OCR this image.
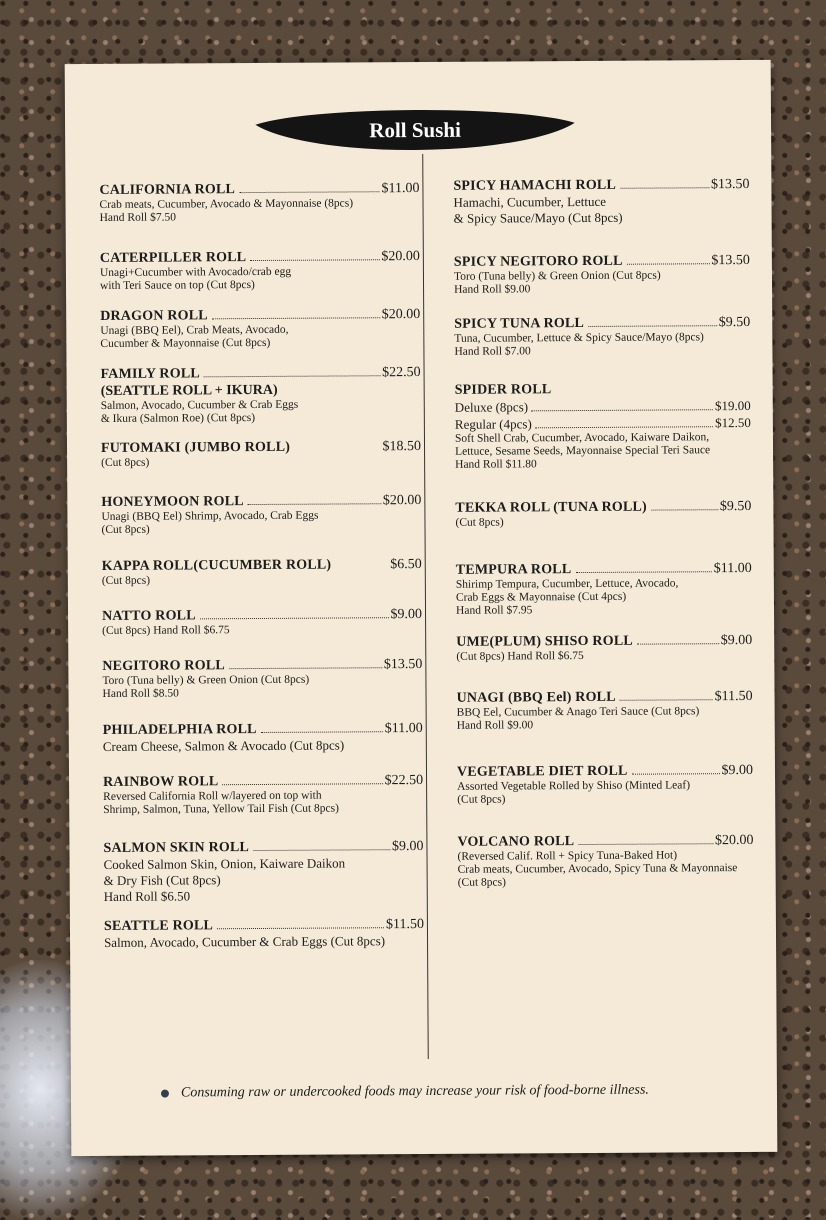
Roll Sushi
CALIFORNIA ROLL	$11.00
Crab meats, Cucumber, Avocado & Mayonnaise (8pcs)
Hand Roll $7.50
CATERPILLER ROLL	$20.00
Unagi+Cucumber with Avocado/crab egg
with Teri Sauce on top (Cut 8pcs)
DRAGON ROLL	$20.00
Unagi (BBQ Eel), Crab Meats, Avocado,
Cucumber & Mayonnaise (Cut 8pcs)
FAMILY ROLL	$22.50
(SEATTLE ROLL + IKURA)
Salmon, Avocado, Cucumber & Crab Eggs
& Ikura (Salmon Roe) (Cut 8pcs)
FUTOMAKI (JUMBO ROLL)	$18.50
(Cut 8pcs)
HONEYMOON ROLL	$20.00
Unagi (BBQ Eel) Shrimp, Avocado, Crab Eggs
(Cut 8pcs)
KAPPA ROLL(CUCUMBER ROLL)	$6.50
(Cut 8pcs)
NATTO ROLL	$9.00
(Cut 8pcs) Hand Roll $6.75
NEGITORO ROLL	$13.50
Toro (Tuna belly) & Green Onion (Cut 8pcs)
Hand Roll $8.50
PHILADELPHIA ROLL	$11.00
Cream Cheese, Salmon & Avocado (Cut 8pcs)
RAINBOW ROLL	$22.50
Reversed California Roll w/layered on top with
Shrimp, Salmon, Tuna, Yellow Tail Fish (Cut 8pcs)
SALMON SKIN ROLL	$9.00
Cooked Salmon Skin, Onion, Kaiware Daikon
& Dry Fish (Cut 8pcs)
Hand Roll $6.50
SEATTLE ROLL	$11.50
Salmon, Avocado, Cucumber & Crab Eggs (Cut 8pcs)
SPICY HAMACHI ROLL	$13.50
Hamachi, Cucumber, Lettuce
& Spicy Sauce/Mayo (Cut 8pcs)
SPICY NEGITORO ROLL	$13.50
Toro (Tuna belly) & Green Onion (Cut 8pcs)
Hand Roll $9.00
SPICY TUNA ROLL	$9.50
Tuna, Cucumber, Lettuce & Spicy Sauce/Mayo (8pcs)
Hand Roll $7.00
SPIDER ROLL
Deluxe (8pcs)	$19.00
Regular (4pcs)	$12.50
Soft Shell Crab, Cucumber, Avocado, Kaiware Daikon,
Lettuce, Sesame Seeds, Mayonnaise Special Teri Sauce
Hand Roll $11.80
TEKKA ROLL (TUNA ROLL)	$9.50
(Cut 8pcs)
TEMPURA ROLL	$11.00
Shirimp Tempura, Cucumber, Lettuce, Avocado,
Crab Eggs & Mayonnaise (Cut 4pcs)
Hand Roll $7.95
UME(PLUM) SHISO ROLL	$9.00
(Cut 8pcs) Hand Roll $6.75
UNAGI (BBQ Eel) ROLL	$11.50
BBQ Eel, Cucumber & Anago Teri Sauce (Cut 8pcs)
Hand Roll $9.00
VEGETABLE DIET ROLL	$9.00
Assorted Vegetable Rolled by Shiso (Minted Leaf)
(Cut 8pcs)
VOLCANO ROLL	$20.00
(Reversed Calif. Roll + Spicy Tuna-Baked Hot)
Crab meats, Cucumber, Avocado, Spicy Tuna & Mayonnaise
(Cut 8pcs)
Consuming raw or undercooked foods may increase your risk of food-borne illness.
